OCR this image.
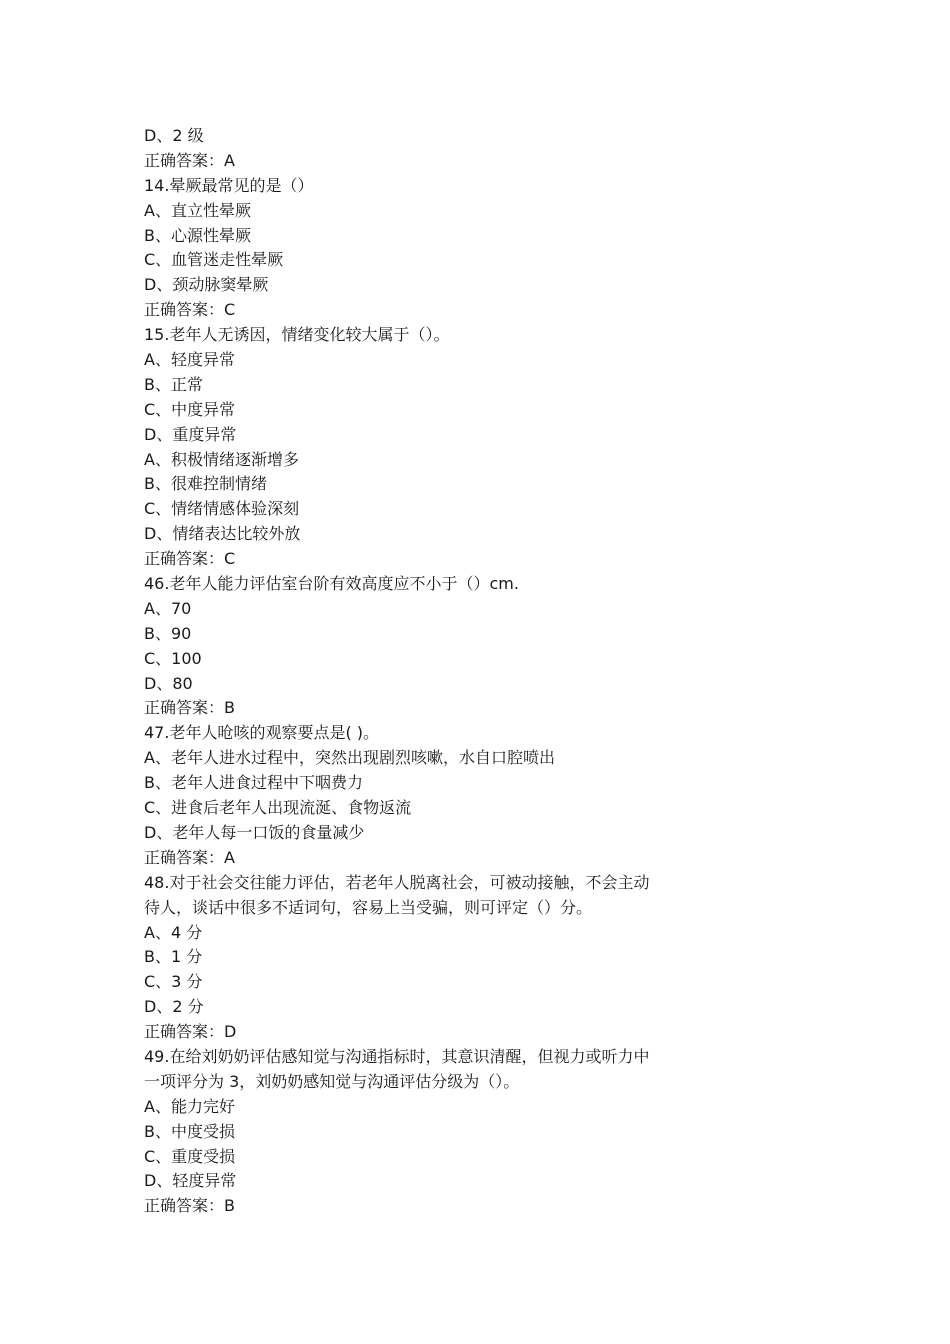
D、2 级
正确答案：A
14.晕厥最常见的是（）
A、直立性晕厥
B、心源性晕厥
C、血管迷走性晕厥
D、颈动脉窦晕厥
正确答案：C
15.老年人无诱因，情绪变化较大属于（）。
A、轻度异常
B、正常
C、中度异常
D、重度异常
A、积极情绪逐渐增多
B、很难控制情绪
C、情绪情感体验深刻
D、情绪表达比较外放
正确答案：C
46.老年人能力评估室台阶有效高度应不小于（）cm.
A、70
B、90
C、100
D、80
正确答案：B
47.老年人呛咳的观察要点是( )。
A、老年人进水过程中，突然出现剧烈咳嗽，水自口腔喷出
B、老年人进食过程中下咽费力
C、进食后老年人出现流涎、食物返流
D、老年人每一口饭的食量减少
正确答案：A
48.对于社会交往能力评估，若老年人脱离社会，可被动接触，不会主动
待人，谈话中很多不适词句，容易上当受骗，则可评定（）分。
A、4 分
B、1 分
C、3 分
D、2 分
正确答案：D
49.在给刘奶奶评估感知觉与沟通指标时，其意识清醒，但视力或听力中
一项评分为 3，刘奶奶感知觉与沟通评估分级为（）。
A、能力完好
B、中度受损
C、重度受损
D、轻度异常
正确答案：B
